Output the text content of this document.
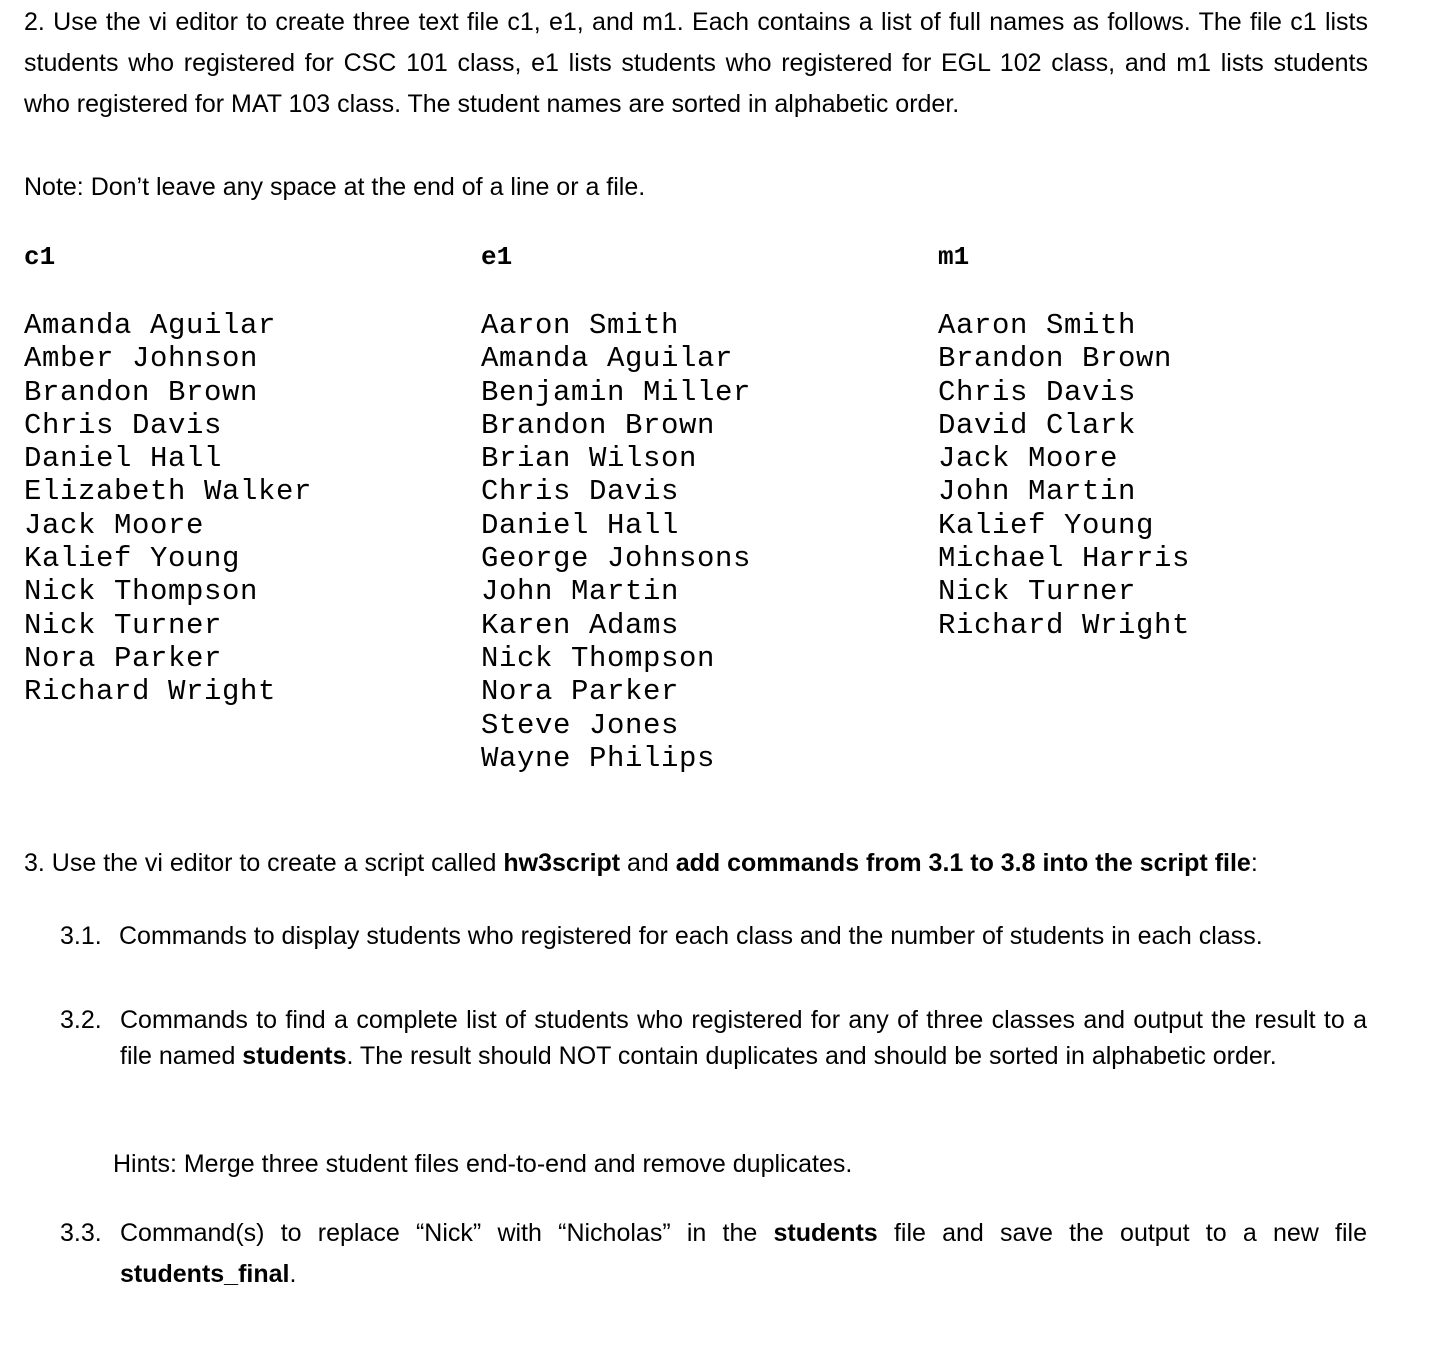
2. Use the vi editor to create three text file c1, e1, and m1. Each contains a list of full names as follows. The file c1 lists students who registered for CSC 101 class, e1 lists students who registered for EGL 102 class, and m1 lists students who registered for MAT 103 class. The student names are sorted in alphabetic order.

Note: Don’t leave any space at the end of a line or a file.

c1	e1	m1
Amanda Aguilar
Amber Johnson
Brandon Brown
Chris Davis
Daniel Hall
Elizabeth Walker
Jack Moore
Kalief Young
Nick Thompson
Nick Turner
Nora Parker
Richard Wright
Aaron Smith
Amanda Aguilar
Benjamin Miller
Brandon Brown
Brian Wilson
Chris Davis
Daniel Hall
George Johnsons
John Martin
Karen Adams
Nick Thompson
Nora Parker
Steve Jones
Wayne Philips
Aaron Smith
Brandon Brown
Chris Davis
David Clark
Jack Moore
John Martin
Kalief Young
Michael Harris
Nick Turner
Richard Wright

3. Use the vi editor to create a script called hw3script and add commands from 3.1 to 3.8 into the script file:

3.1. Commands to display students who registered for each class and the number of students in each class.
3.2. Commands to find a complete list of students who registered for any of three classes and output the result to a file named students. The result should NOT contain duplicates and should be sorted in alphabetic order.

Hints: Merge three student files end-to-end and remove duplicates.

3.3. Command(s) to replace “Nick” with “Nicholas” in the students file and save the output to a new file students_final.
